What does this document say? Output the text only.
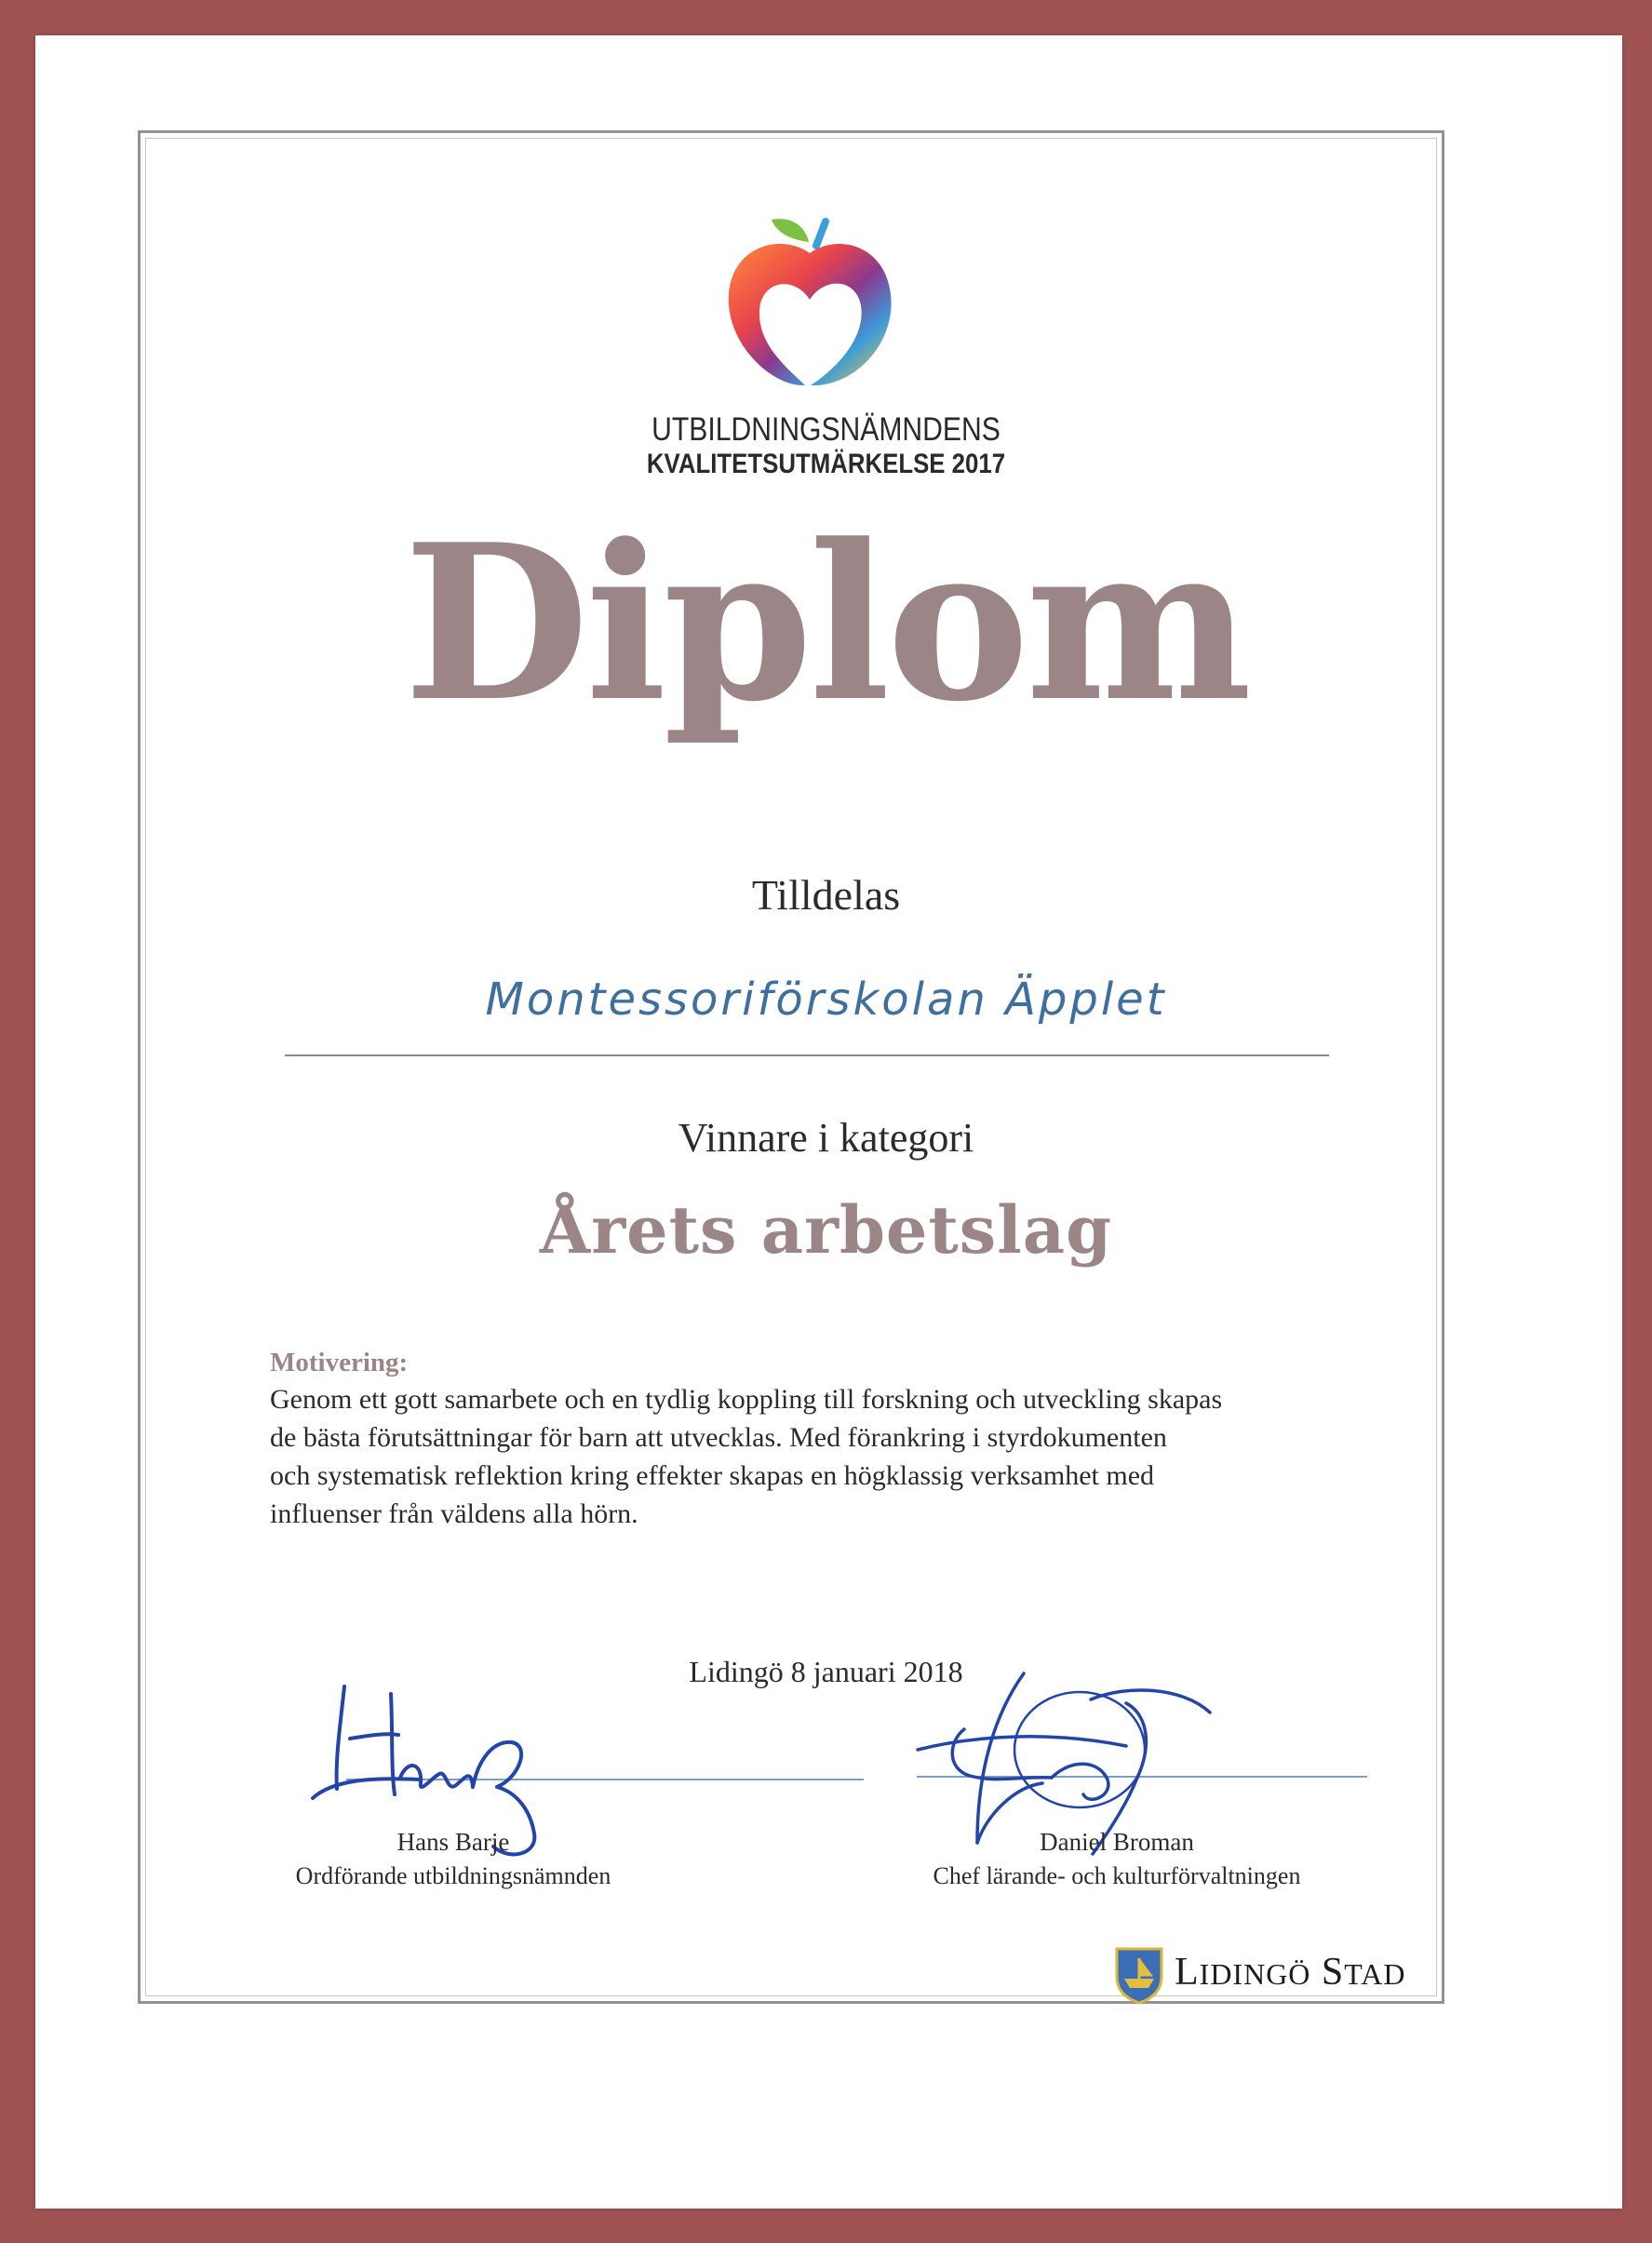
UTBILDNINGSNÄMNDENS
KVALITETSUTMÄRKELSE 2017
Diplom
Tilldelas
Montessoriförskolan Äpplet
Vinnare i kategori
Årets arbetslag
Motivering:
Genom ett gott samarbete och en tydlig koppling till forskning och utveckling skapas
de bästa förutsättningar för barn att utvecklas. Med förankring i styrdokumenten
och systematisk reflektion kring effekter skapas en högklassig verksamhet med
influenser från väldens alla hörn.
Lidingö 8 januari 2018
Hans Barje
Ordförande utbildningsnämnden
Daniel Broman
Chef lärande- och kulturförvaltningen
LIDINGÖ STAD
